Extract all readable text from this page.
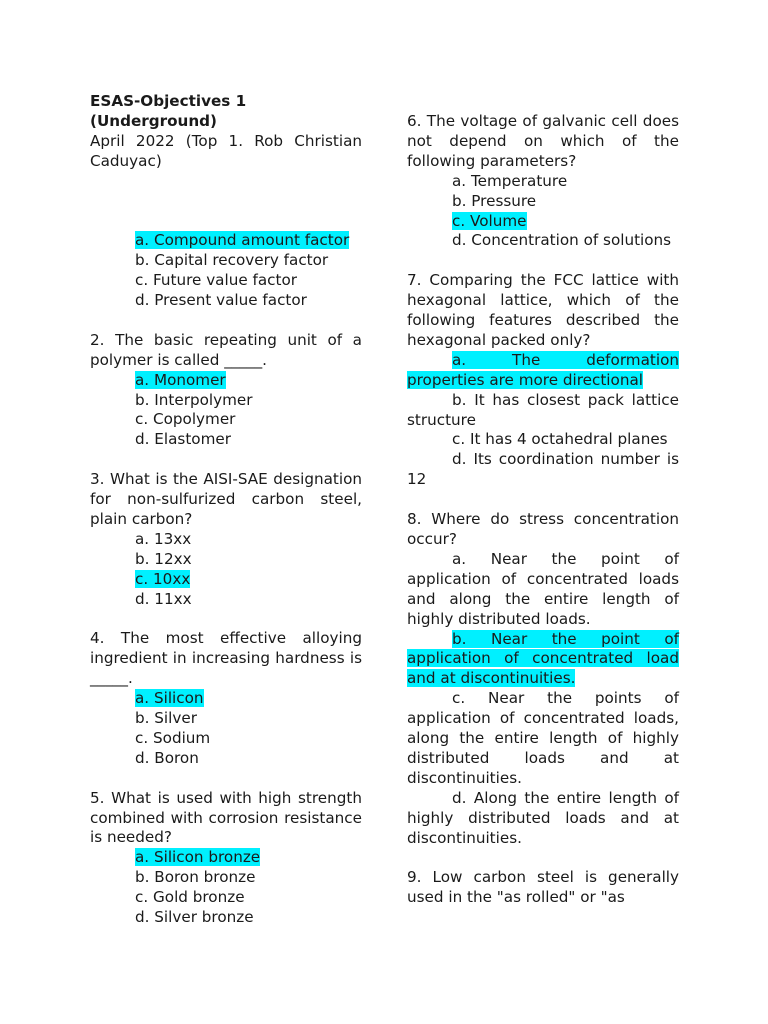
ESAS-Objectives 1 (Underground)
April 2022 (Top 1. Rob Christian Caduyac)
a. Compound amount factor
b. Capital recovery factor
c. Future value factor
d. Present value factor
2. The basic repeating unit of a polymer is called _____.
a. Monomer
b. Interpolymer
c. Copolymer
d. Elastomer
3. What is the AISI-SAE designation for non-sulfurized carbon steel, plain carbon?
a. 13xx
b. 12xx
c. 10xx
d. 11xx
4. The most effective alloying ingredient in increasing hardness is _____.
a. Silicon
b. Silver
c. Sodium
d. Boron
5. What is used with high strength combined with corrosion resistance is needed?
a. Silicon bronze
b. Boron bronze
c. Gold bronze
d. Silver bronze
6. The voltage of galvanic cell does not depend on which of the following parameters?
a. Temperature
b. Pressure
c. Volume
d. Concentration of solutions
7. Comparing the FCC lattice with hexagonal lattice, which of the following features described the hexagonal packed only?
a. The deformation properties are more directional
b. It has closest pack lattice structure
c. It has 4 octahedral planes
d. Its coordination number is 12
8. Where do stress concentration occur?
a. Near the point of application of concentrated loads and along the entire length of highly distributed loads.
b. Near the point of application of concentrated load and at discontinuities.
c. Near the points of application of concentrated loads, along the entire length of highly distributed loads and at discontinuities.
d. Along the entire length of highly distributed loads and at discontinuities.
9. Low carbon steel is generally used in the "as rolled" or "as
